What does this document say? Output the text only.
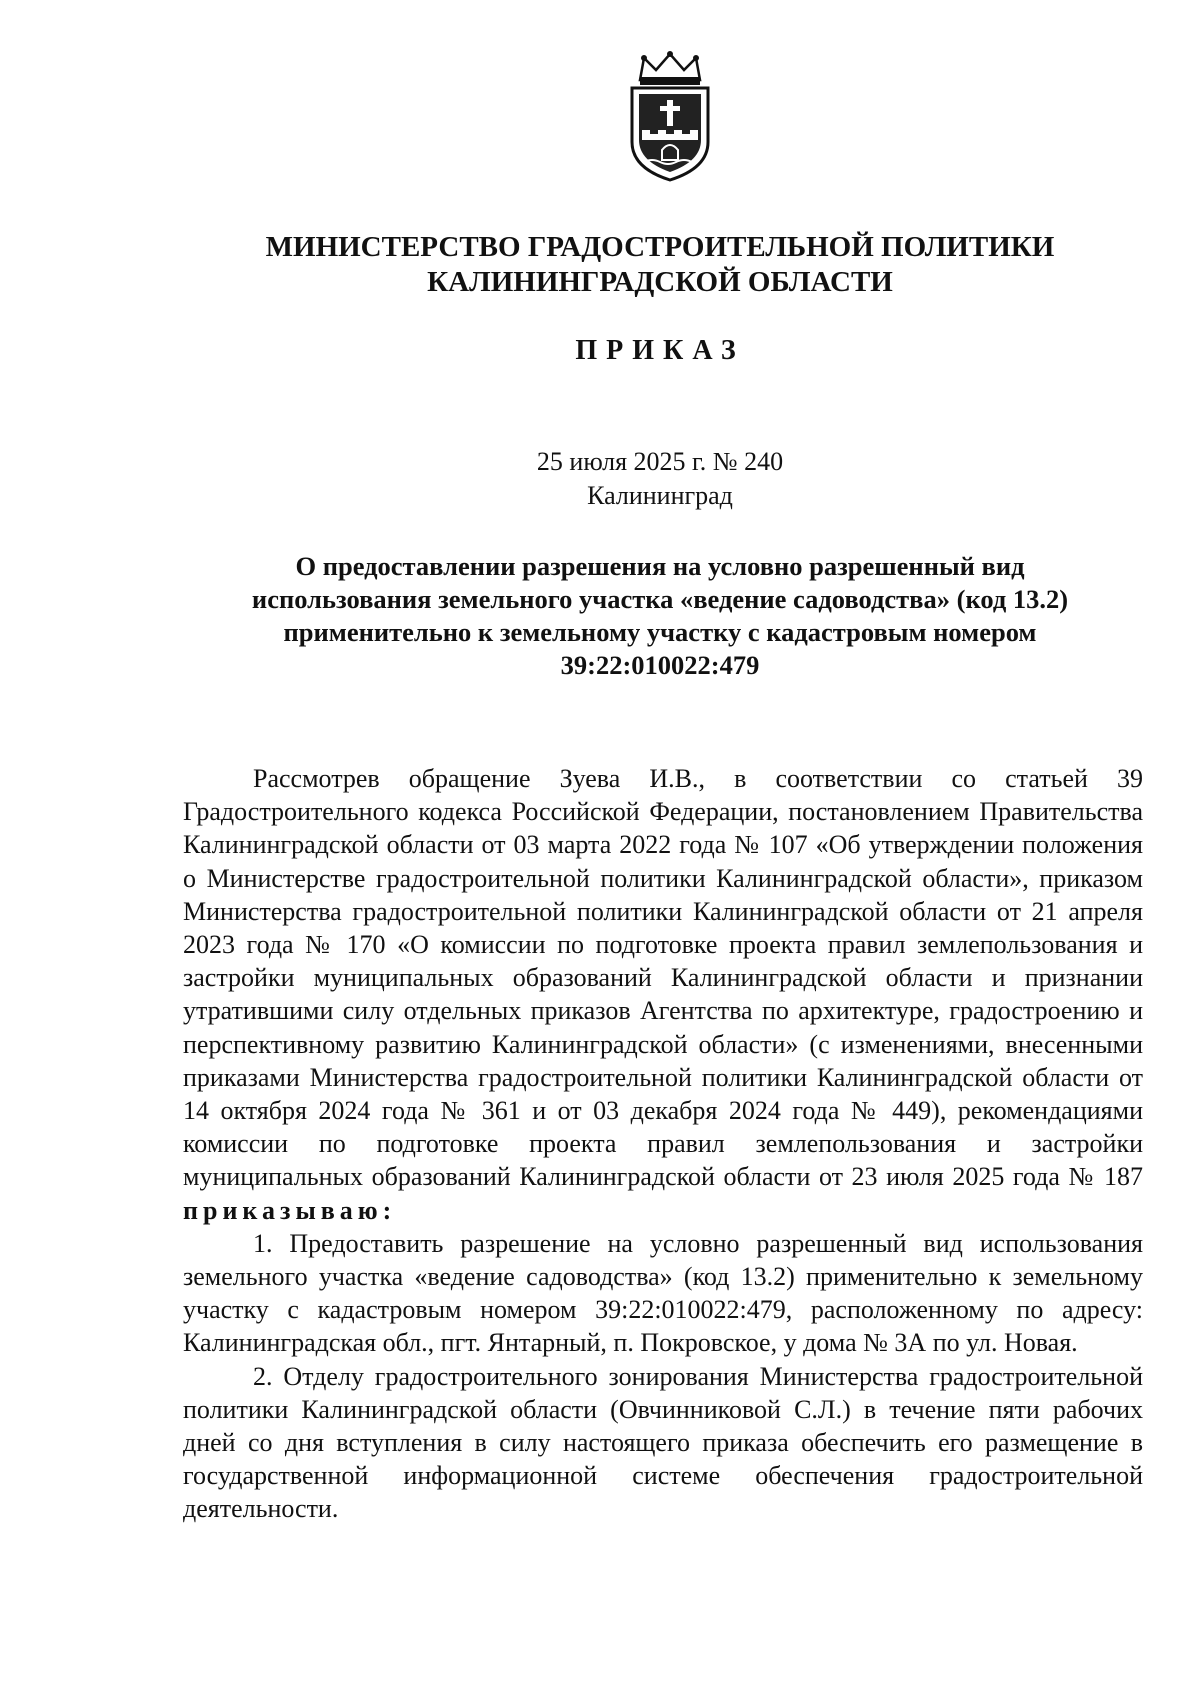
МИНИСТЕРСТВО ГРАДОСТРОИТЕЛЬНОЙ ПОЛИТИКИ
КАЛИНИНГРАДСКОЙ ОБЛАСТИ
ПРИКАЗ
25 июля 2025 г. № 240
Калининград
О предоставлении разрешения на условно разрешенный вид
использования земельного участка «ведение садоводства» (код 13.2)
применительно к земельному участку с кадастровым номером
39:22:010022:479

Рассмотрев обращение Зуева И.В., в соответствии со статьей 39 Градостроительного кодекса Российской Федерации, постановлением Правительства Калининградской области от 03 марта 2022 года № 107 «Об утверждении положения о Министерстве градостроительной политики Калининградской области», приказом Министерства градостроительной политики Калининградской области от 21 апреля 2023 года № 170 «О комиссии по подготовке проекта правил землепользования и застройки муниципальных образований Калининградской области и признании утратившими силу отдельных приказов Агентства по архитектуре, градостроению и перспективному развитию Калининградской области» (с изменениями, внесенными приказами Министерства градостроительной политики Калининградской области от 14 октября 2024 года № 361 и от 03 декабря 2024 года № 449), рекомендациями комиссии по подготовке проекта правил землепользования и застройки муниципальных образований Калининградской области от 23 июля 2025 года № 187 приказываю:

1. Предоставить разрешение на условно разрешенный вид использования земельного участка «ведение садоводства» (код 13.2) применительно к земельному участку с кадастровым номером 39:22:010022:479, расположенному по адресу: Калининградская обл., пгт. Янтарный, п. Покровское, у дома № 3А по ул. Новая.

2. Отделу градостроительного зонирования Министерства градостроительной политики Калининградской области (Овчинниковой С.Л.) в течение пяти рабочих дней со дня вступления в силу настоящего приказа обеспечить его размещение в государственной информационной системе обеспечения градостроительной деятельности.
